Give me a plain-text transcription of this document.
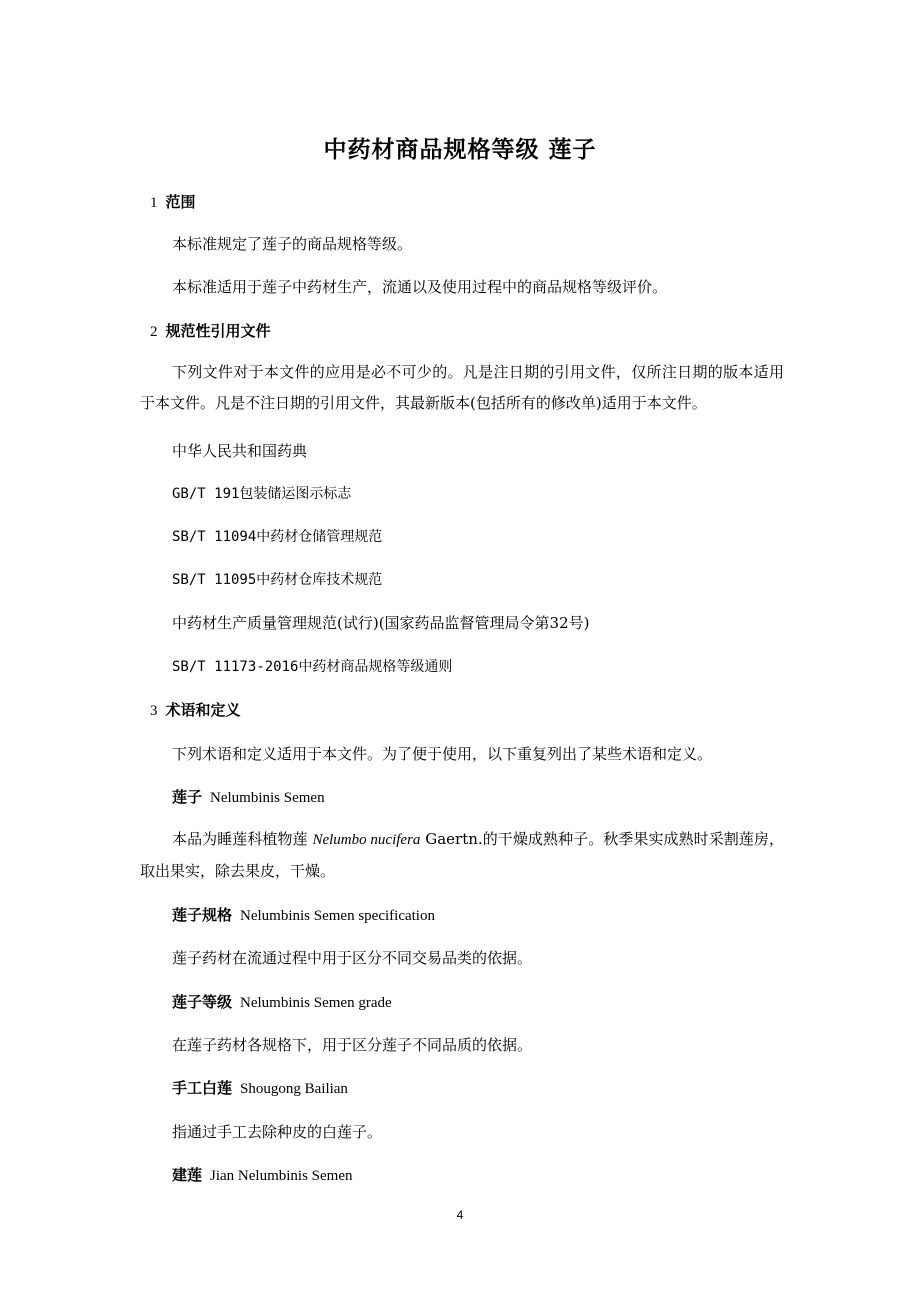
中药材商品规格等级 莲子
1 范围
本标准规定了莲子的商品规格等级。
本标准适用于莲子中药材生产，流通以及使用过程中的商品规格等级评价。
2 规范性引用文件
下列文件对于本文件的应用是必不可少的。凡是注日期的引用文件，仅所注日期的版本适用于本文件。凡是不注日期的引用文件，其最新版本(包括所有的修改单)适用于本文件。
中华人民共和国药典
GB/T 191包装储运图示标志
SB/T 11094中药材仓储管理规范
SB/T 11095中药材仓库技术规范
中药材生产质量管理规范(试行)(国家药品监督管理局令第32号)
SB/T 11173-2016中药材商品规格等级通则
3 术语和定义
下列术语和定义适用于本文件。为了便于使用，以下重复列出了某些术语和定义。
莲子 Nelumbinis Semen
本品为睡莲科植物莲 Nelumbo nucifera Gaertn.的干燥成熟种子。秋季果实成熟时采割莲房，取出果实，除去果皮，干燥。
莲子规格 Nelumbinis Semen specification
莲子药材在流通过程中用于区分不同交易品类的依据。
莲子等级 Nelumbinis Semen grade
在莲子药材各规格下，用于区分莲子不同品质的依据。
手工白莲 Shougong Bailian
指通过手工去除种皮的白莲子。
建莲 Jian Nelumbinis Semen
4
